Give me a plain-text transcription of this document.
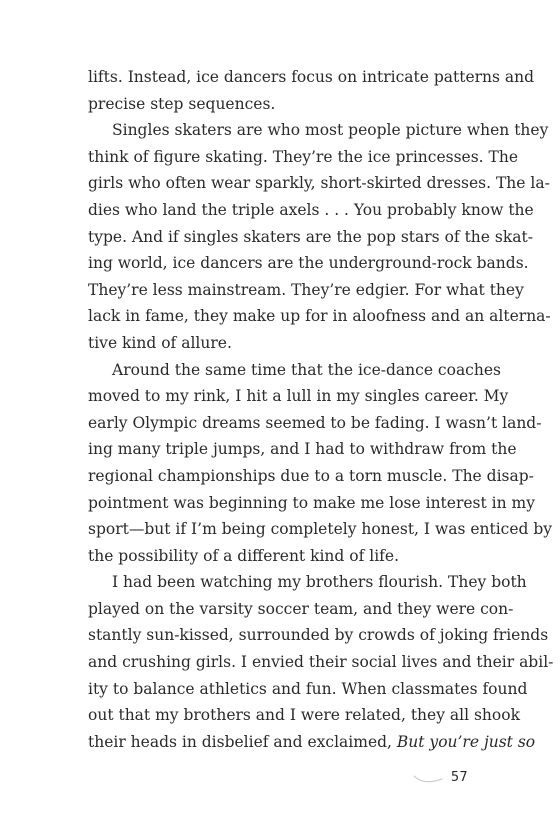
lifts. Instead, ice dancers focus on intricate patterns and
precise step sequences.

Singles skaters are who most people picture when they
think of figure skating. They’re the ice princesses. The
girls who often wear sparkly, short-skirted dresses. The la-
dies who land the triple axels . . . You probably know the
type. And if singles skaters are the pop stars of the skat-
ing world, ice dancers are the underground-rock bands.
They’re less mainstream. They’re edgier. For what they
lack in fame, they make up for in aloofness and an alterna-
tive kind of allure.

Around the same time that the ice-dance coaches
moved to my rink, I hit a lull in my singles career. My
early Olympic dreams seemed to be fading. I wasn’t land-
ing many triple jumps, and I had to withdraw from the
regional championships due to a torn muscle. The disap-
pointment was beginning to make me lose interest in my
sport—but if I’m being completely honest, I was enticed by
the possibility of a different kind of life.

I had been watching my brothers flourish. They both
played on the varsity soccer team, and they were con-
stantly sun-kissed, surrounded by crowds of joking friends
and crushing girls. I envied their social lives and their abil-
ity to balance athletics and fun. When classmates found
out that my brothers and I were related, they all shook
their heads in disbelief and exclaimed, But you’re just so

57
